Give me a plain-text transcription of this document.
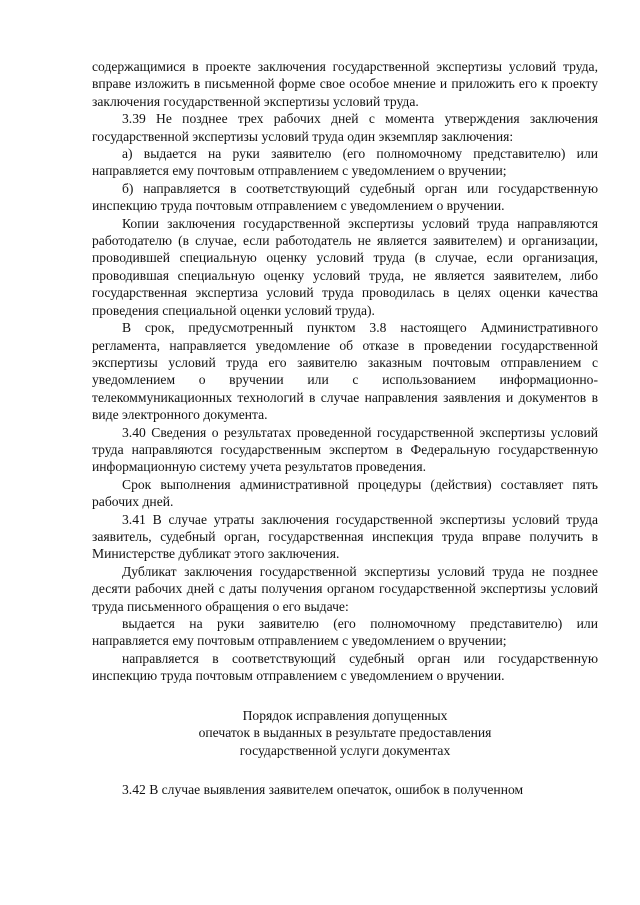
содержащимися в проекте заключения государственной экспертизы условий труда, вправе изложить в письменной форме свое особое мнение и приложить его к проекту заключения государственной экспертизы условий труда.

3.39 Не позднее трех рабочих дней с момента утверждения заключения государственной экспертизы условий труда один экземпляр заключения:

а) выдается на руки заявителю (его полномочному представителю) или направляется ему почтовым отправлением с уведомлением о вручении;

б) направляется в соответствующий судебный орган или государственную инспекцию труда почтовым отправлением с уведомлением о вручении.

Копии заключения государственной экспертизы условий труда направляются работодателю (в случае, если работодатель не является заявителем) и организации, проводившей специальную оценку условий труда (в случае, если организация, проводившая специальную оценку условий труда, не является заявителем, либо государственная экспертиза условий труда проводилась в целях оценки качества проведения специальной оценки условий труда).

В срок, предусмотренный пунктом 3.8 настоящего Административного регламента, направляется уведомление об отказе в проведении государственной экспертизы условий труда его заявителю заказным почтовым отправлением с уведомлением о вручении или с использованием информационно-телекоммуникационных технологий в случае направления заявления и документов в виде электронного документа.

3.40 Сведения о результатах проведенной государственной экспертизы условий труда направляются государственным экспертом в Федеральную государственную информационную систему учета результатов проведения.

Срок выполнения административной процедуры (действия) составляет пять рабочих дней.

3.41 В случае утраты заключения государственной экспертизы условий труда заявитель, судебный орган, государственная инспекция труда вправе получить в Министерстве дубликат этого заключения.

Дубликат заключения государственной экспертизы условий труда не позднее десяти рабочих дней с даты получения органом государственной экспертизы условий труда письменного обращения о его выдаче:

выдается на руки заявителю (его полномочному представителю) или направляется ему почтовым отправлением с уведомлением о вручении;

направляется в соответствующий судебный орган или государственную инспекцию труда почтовым отправлением с уведомлением о вручении.

Порядок исправления допущенных
опечаток в выданных в результате предоставления
государственной услуги документах

3.42 В случае выявления заявителем опечаток, ошибок в полученном
